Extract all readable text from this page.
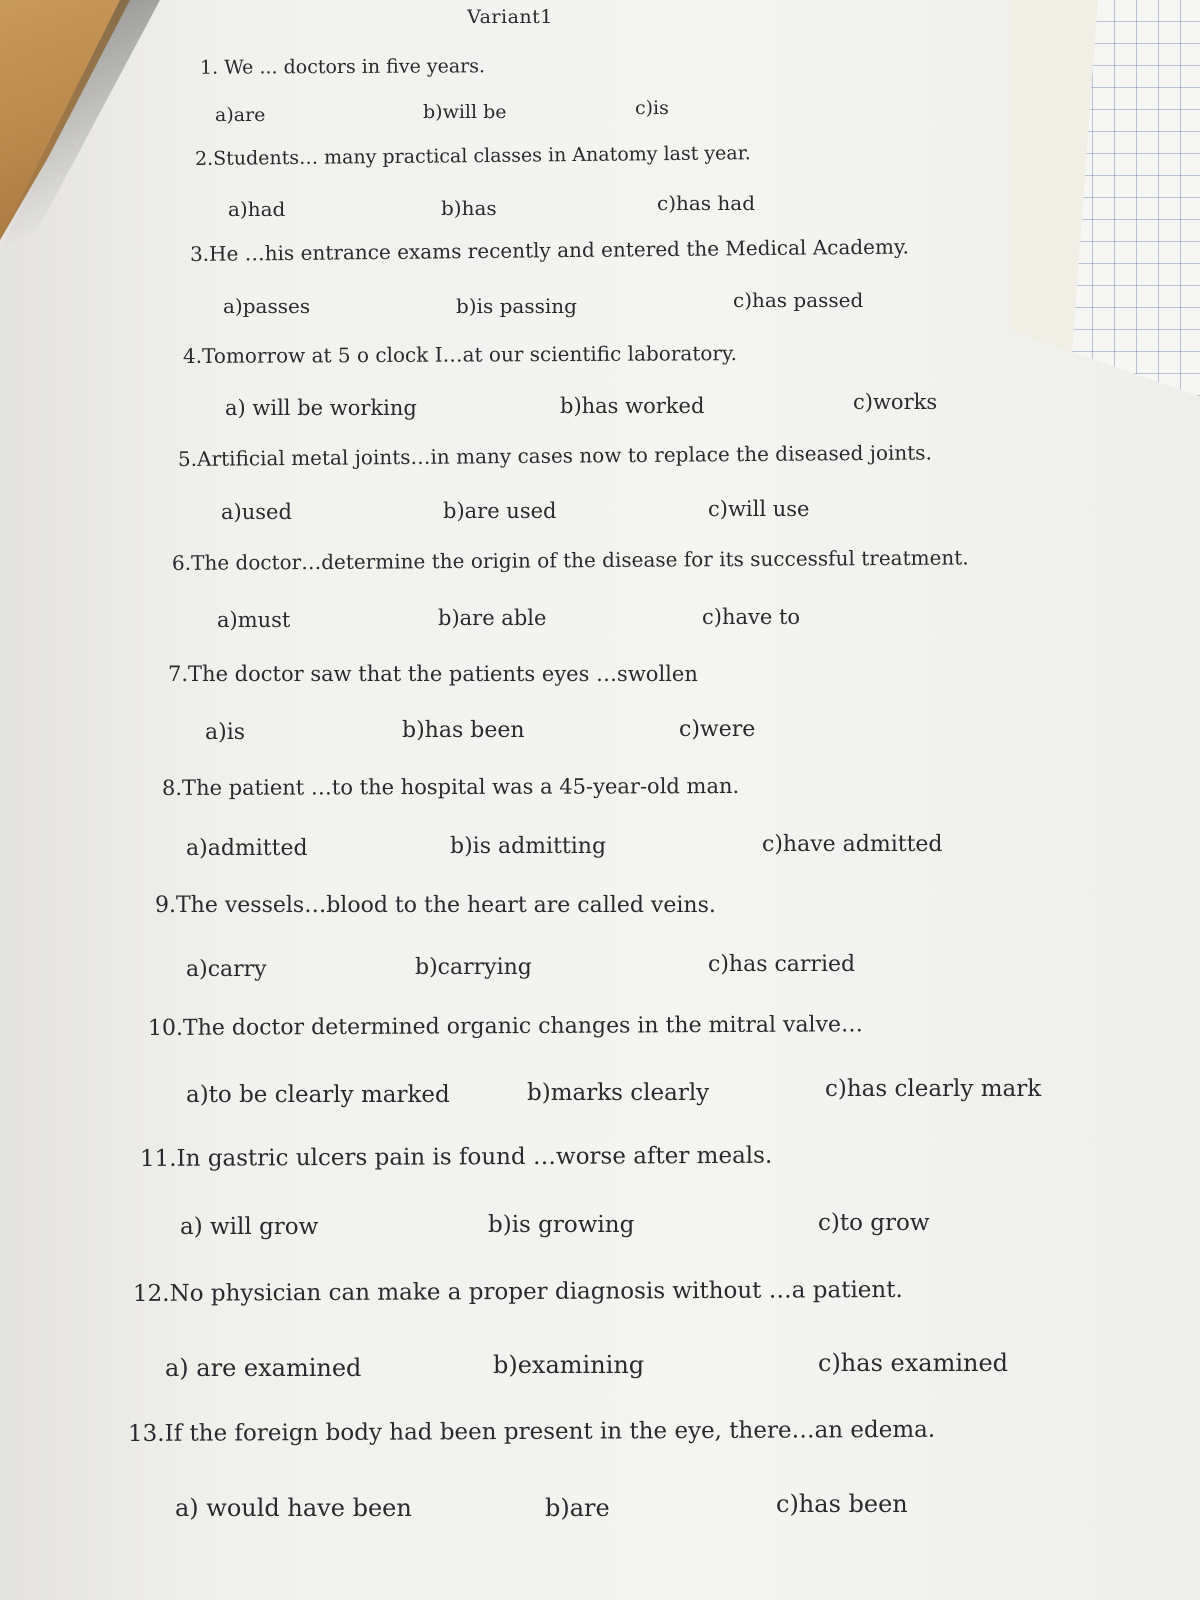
Variant1
1. We ... doctors in five years.
a)are	b)will be	c)is
2.Students… many practical classes in Anatomy last year.
a)had	b)has	c)has had
3.He …his entrance exams recently and entered the Medical Academy.
a)passes	b)is passing	c)has passed
4.Tomorrow at 5 o clock I…at our scientific laboratory.
a) will be working	b)has worked	c)works
5.Artificial metal joints…in many cases now to replace the diseased joints.
a)used	b)are used	c)will use
6.The doctor…determine the origin of the disease for its successful treatment.
a)must	b)are able	c)have to
7.The doctor saw that the patients eyes …swollen
a)is	b)has been	c)were
8.The patient …to the hospital was a 45-year-old man.
a)admitted	b)is admitting	c)have admitted
9.The vessels…blood to the heart are called veins.
a)carry	b)carrying	c)has carried
10.The doctor determined organic changes in the mitral valve…
a)to be clearly marked	b)marks clearly	c)has clearly mark
11.In gastric ulcers pain is found …worse after meals.
a) will grow	b)is growing	c)to grow
12.No physician can make a proper diagnosis without …a patient.
a) are examined	b)examining	c)has examined
13.If the foreign body had been present in the eye, there…an edema.
a) would have been	b)are	c)has been
